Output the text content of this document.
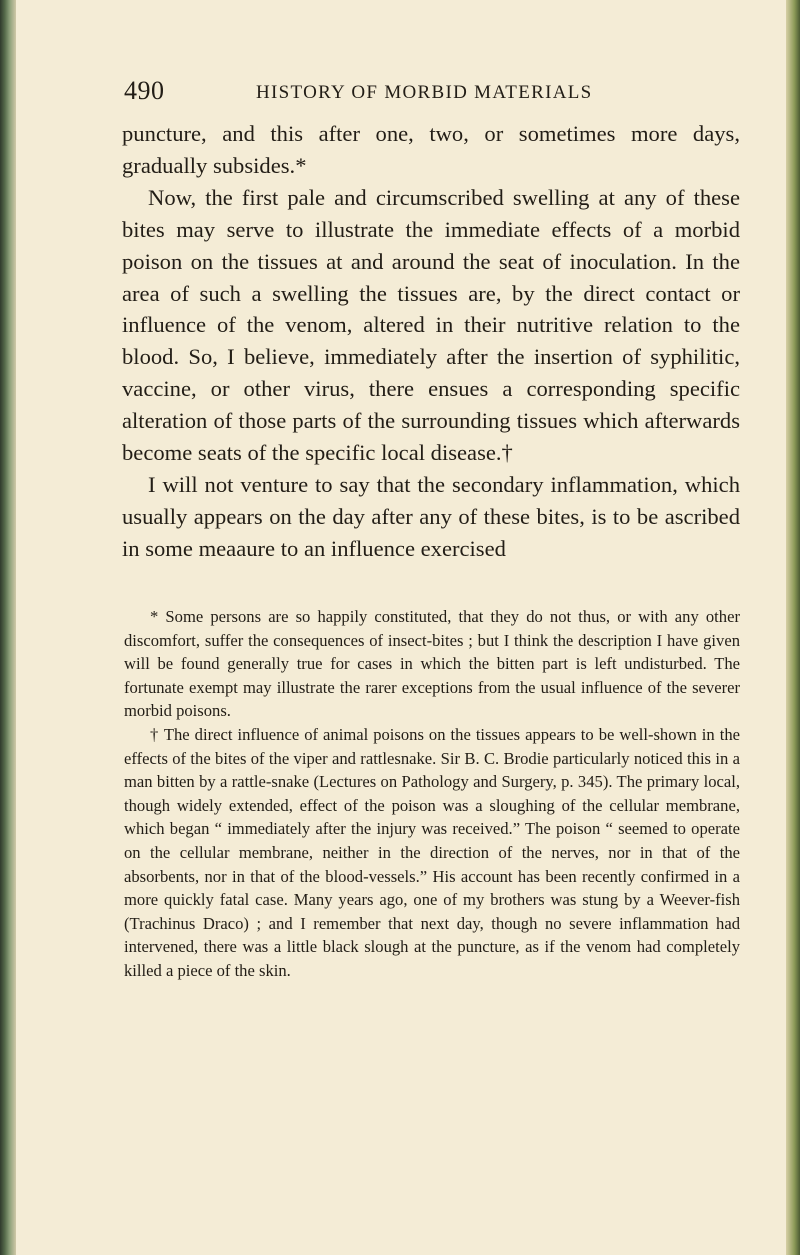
490	HISTORY OF MORBID MATERIALS

puncture, and this after one, two, or sometimes more days, gradually subsides.*

Now, the first pale and circumscribed swelling at any of these bites may serve to illustrate the immediate effects of a morbid poison on the tissues at and around the seat of inoculation. In the area of such a swelling the tissues are, by the direct contact or influence of the venom, altered in their nutritive relation to the blood. So, I believe, immediately after the insertion of syphilitic, vaccine, or other virus, there ensues a corresponding specific alteration of those parts of the surrounding tissues which afterwards become seats of the specific local disease.†

I will not venture to say that the secondary inflammation, which usually appears on the day after any of these bites, is to be ascribed in some meaaure to an influence exercised

* Some persons are so happily constituted, that they do not thus, or with any other discomfort, suffer the consequences of insect-bites ; but I think the description I have given will be found generally true for cases in which the bitten part is left undisturbed. The fortunate exempt may illustrate the rarer exceptions from the usual influence of the severer morbid poisons.

† The direct influence of animal poisons on the tissues appears to be well-shown in the effects of the bites of the viper and rattlesnake. Sir B. C. Brodie particularly noticed this in a man bitten by a rattle-snake (Lectures on Pathology and Surgery, p. 345). The primary local, though widely extended, effect of the poison was a sloughing of the cellular membrane, which began “ immediately after the injury was received.” The poison “ seemed to operate on the cellular membrane, neither in the direction of the nerves, nor in that of the absorbents, nor in that of the blood-vessels.” His account has been recently confirmed in a more quickly fatal case. Many years ago, one of my brothers was stung by a Weever-fish (Trachinus Draco) ; and I remember that next day, though no severe inflammation had intervened, there was a little black slough at the puncture, as if the venom had completely killed a piece of the skin.
